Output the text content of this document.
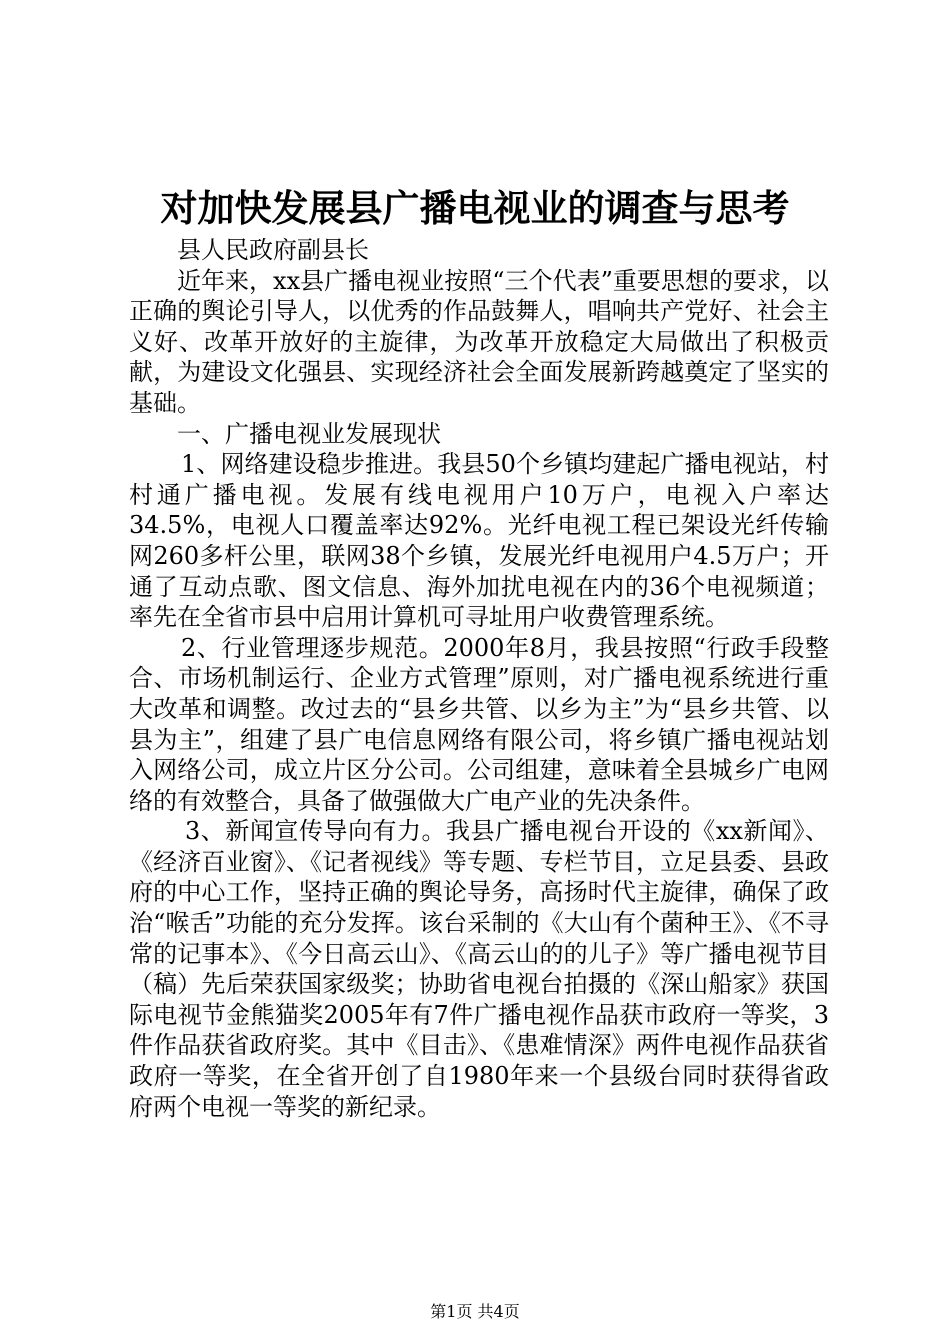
对加快发展县广播电视业的调查与思考

县人民政府副县长

近年来，xx县广播电视业按照“三个代表”重要思想的要求，以正确的舆论引导人，以优秀的作品鼓舞人，唱响共产党好、社会主义好、改革开放好的主旋律，为改革开放稳定大局做出了积极贡献，为建设文化强县、实现经济社会全面发展新跨越奠定了坚实的基础。

一、广播电视业发展现状

1、网络建设稳步推进。我县50个乡镇均建起广播电视站，村村通广播电视。发展有线电视用户10万户，电视入户率达34.5%，电视人口覆盖率达92%。光纤电视工程已架设光纤传输网260多杆公里，联网38个乡镇，发展光纤电视用户4.5万户；开通了互动点歌、图文信息、海外加扰电视在内的36个电视频道；率先在全省市县中启用计算机可寻址用户收费管理系统。

2、行业管理逐步规范。2000年8月，我县按照“行政手段整合、市场机制运行、企业方式管理”原则，对广播电视系统进行重大改革和调整。改过去的“县乡共管、以乡为主”为“县乡共管、以县为主”，组建了县广电信息网络有限公司，将乡镇广播电视站划入网络公司，成立片区分公司。公司组建，意味着全县城乡广电网络的有效整合，具备了做强做大广电产业的先决条件。

3、新闻宣传导向有力。我县广播电视台开设的《xx新闻》、《经济百业窗》、《记者视线》等专题、专栏节目，立足县委、县政府的中心工作，坚持正确的舆论导务，高扬时代主旋律，确保了政治“喉舌”功能的充分发挥。该台采制的《大山有个菌种王》、《不寻常的记事本》、《今日高云山》、《高云山的的儿子》等广播电视节目（稿）先后荣获国家级奖；协助省电视台拍摄的《深山船家》获国际电视节金熊猫奖2005年有7件广播电视作品获市政府一等奖，3件作品获省政府奖。其中《目击》、《患难情深》两件电视作品获省政府一等奖，在全省开创了自1980年来一个县级台同时获得省政府两个电视一等奖的新纪录。

第1页 共4页
